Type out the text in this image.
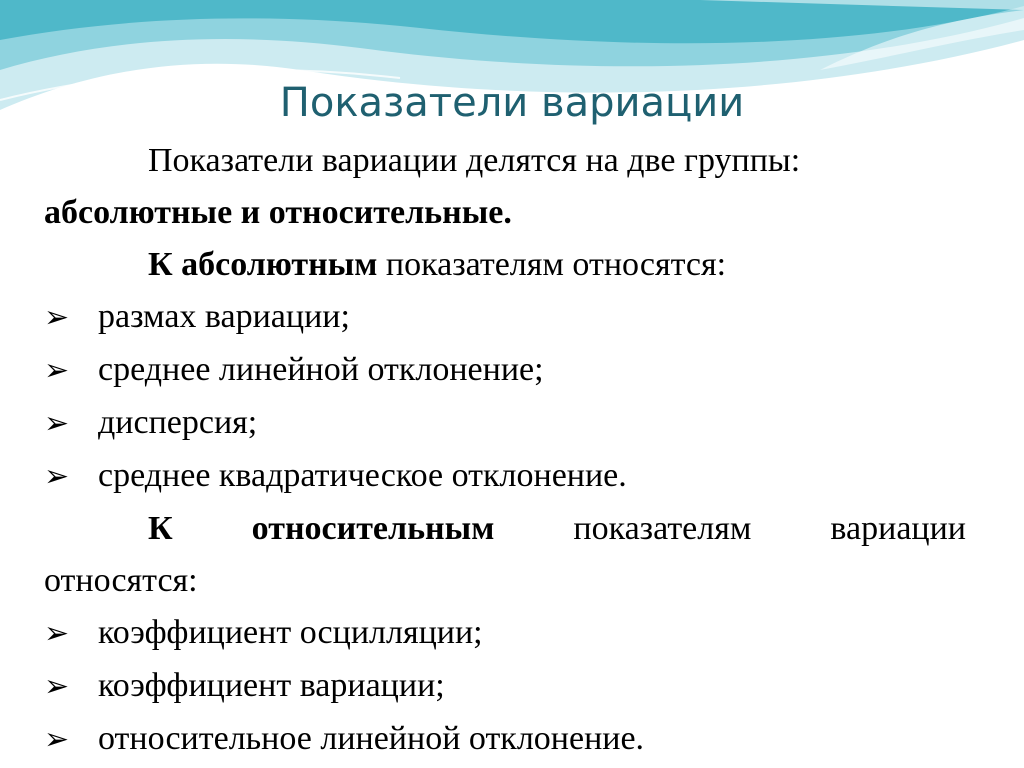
Показатели вариации

Показатели вариации делятся на две группы:

абсолютные и относительные.

К абсолютным показателям относятся:

➢ размах вариации;
➢ среднее линейной отклонение;
➢ дисперсия;
➢ среднее квадратическое отклонение.

К относительным показателям вариации

относятся:

➢ коэффициент осцилляции;
➢ коэффициент вариации;
➢ относительное линейной отклонение.
